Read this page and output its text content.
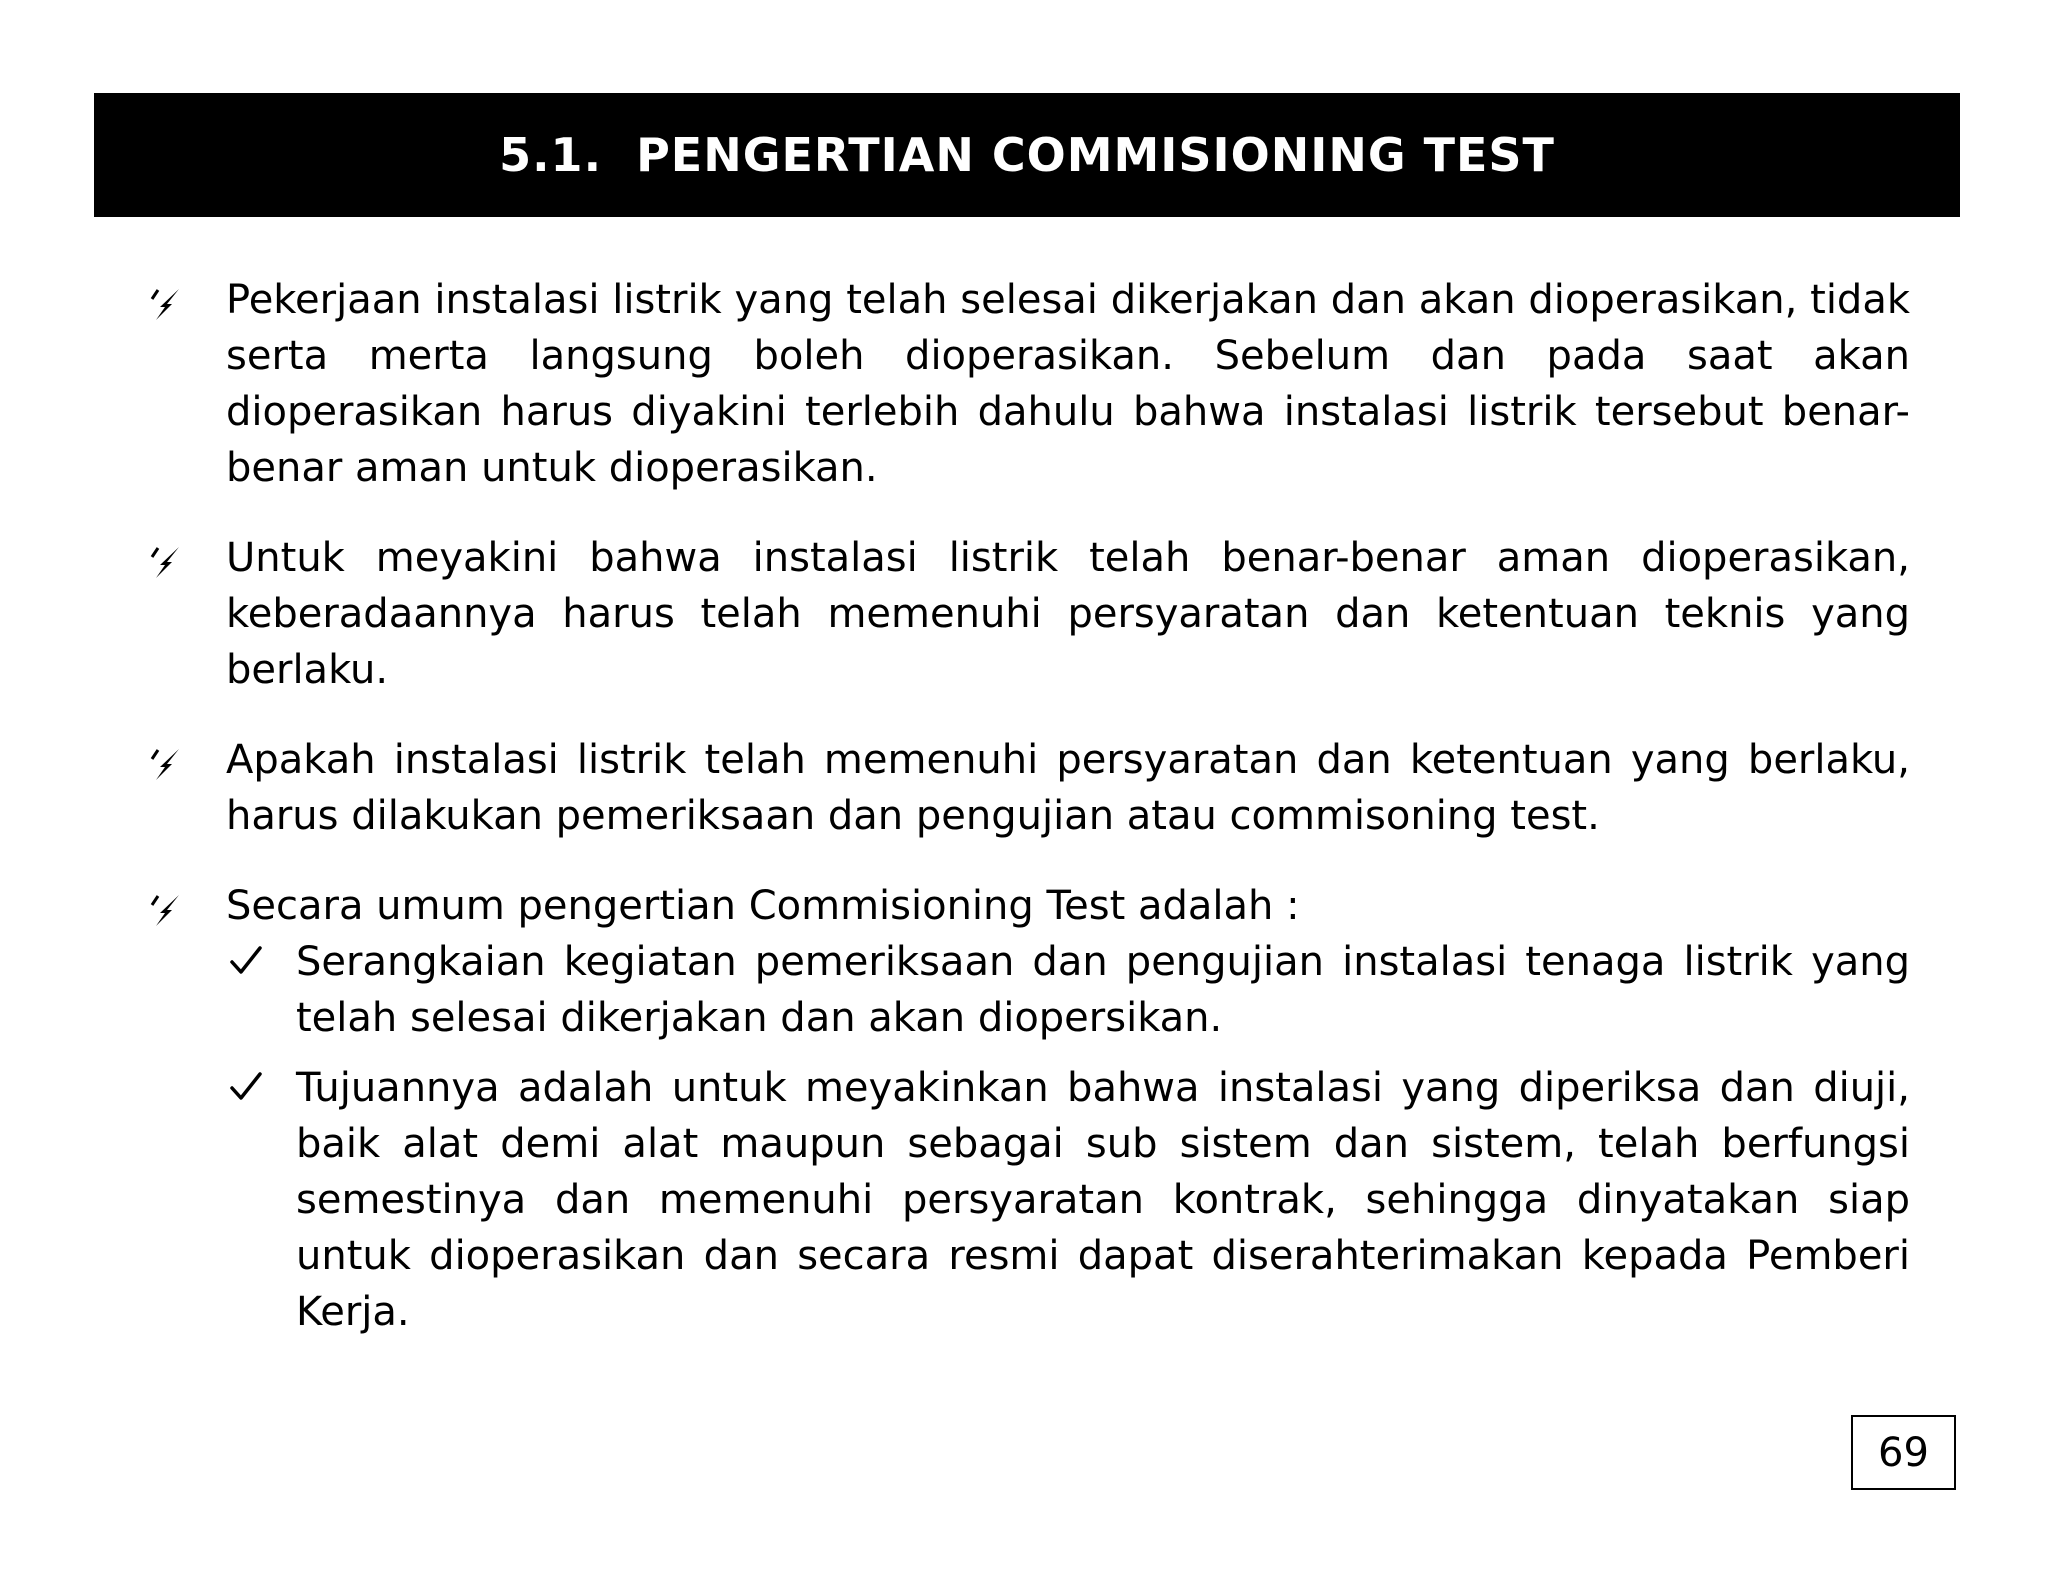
5.1.  PENGERTIAN COMMISIONING TEST
Pekerjaan instalasi listrik yang telah selesai dikerjakan dan akan dioperasikan, tidak serta merta langsung boleh dioperasikan. Sebelum dan pada saat akan dioperasikan harus diyakini terlebih dahulu bahwa instalasi listrik tersebut benar-benar aman untuk dioperasikan.
Untuk meyakini bahwa instalasi listrik telah benar-benar aman dioperasikan, keberadaannya harus telah memenuhi persyaratan dan ketentuan teknis yang berlaku.
Apakah instalasi listrik telah memenuhi persyaratan dan ketentuan yang berlaku, harus dilakukan pemeriksaan dan pengujian atau commisoning test.
Secara umum pengertian Commisioning Test adalah :
Serangkaian kegiatan pemeriksaan dan pengujian instalasi tenaga listrik yang telah selesai dikerjakan dan akan diopersikan.
Tujuannya adalah untuk meyakinkan bahwa instalasi yang diperiksa dan diuji, baik alat demi alat maupun sebagai sub sistem dan sistem, telah berfungsi semestinya dan memenuhi persyaratan kontrak, sehingga dinyatakan siap untuk dioperasikan dan secara resmi dapat diserahterimakan kepada Pemberi Kerja.
69
